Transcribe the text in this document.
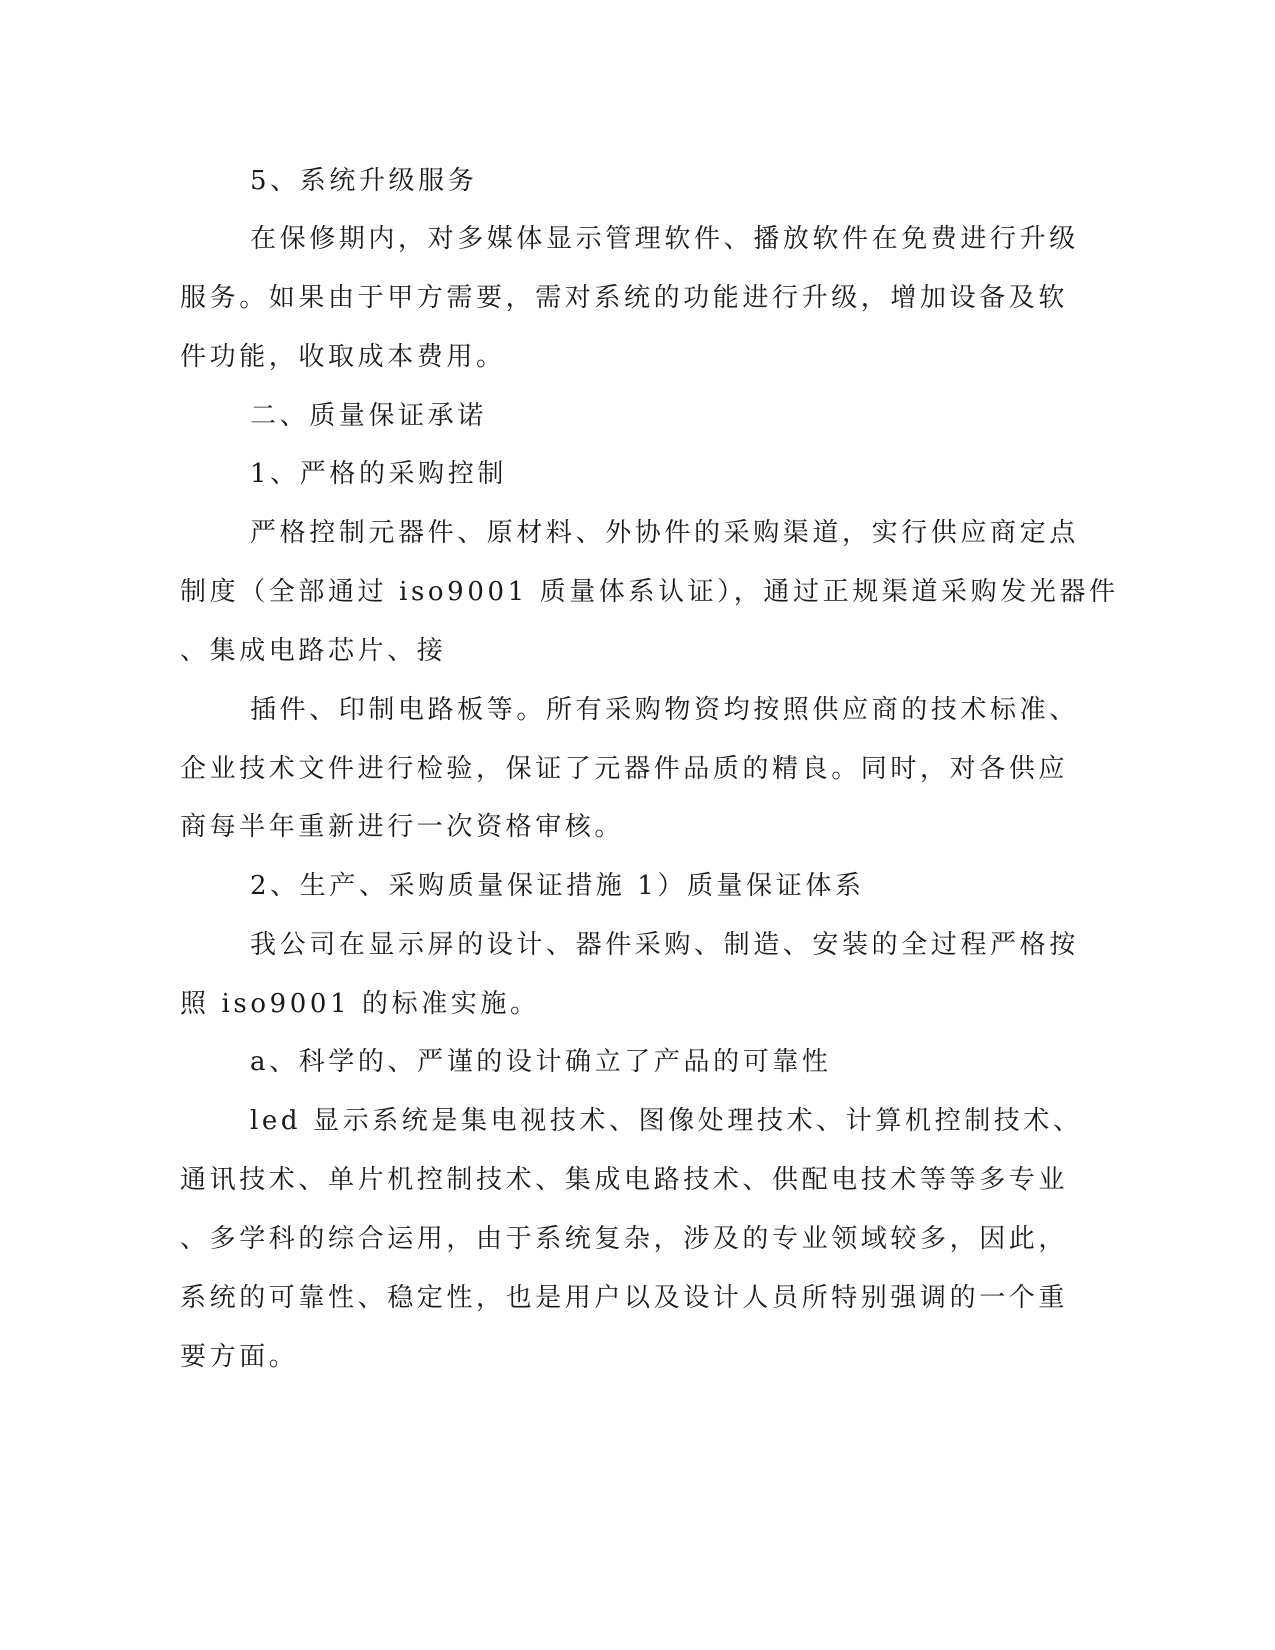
5、系统升级服务
在保修期内，对多媒体显示管理软件、播放软件在免费进行升级
服务。如果由于甲方需要，需对系统的功能进行升级，增加设备及软
件功能，收取成本费用。
二、质量保证承诺
1、严格的采购控制
严格控制元器件、原材料、外协件的采购渠道，实行供应商定点
制度（全部通过 iso9001 质量体系认证），通过正规渠道采购发光器件
、集成电路芯片、接
插件、印制电路板等。所有采购物资均按照供应商的技术标准、
企业技术文件进行检验，保证了元器件品质的精良。同时，对各供应
商每半年重新进行一次资格审核。
2、生产、采购质量保证措施 1）质量保证体系
我公司在显示屏的设计、器件采购、制造、安装的全过程严格按
照 iso9001 的标准实施。
a、科学的、严谨的设计确立了产品的可靠性
led 显示系统是集电视技术、图像处理技术、计算机控制技术、
通讯技术、单片机控制技术、集成电路技术、供配电技术等等多专业
、多学科的综合运用，由于系统复杂，涉及的专业领域较多，因此，
系统的可靠性、稳定性，也是用户以及设计人员所特别强调的一个重
要方面。
